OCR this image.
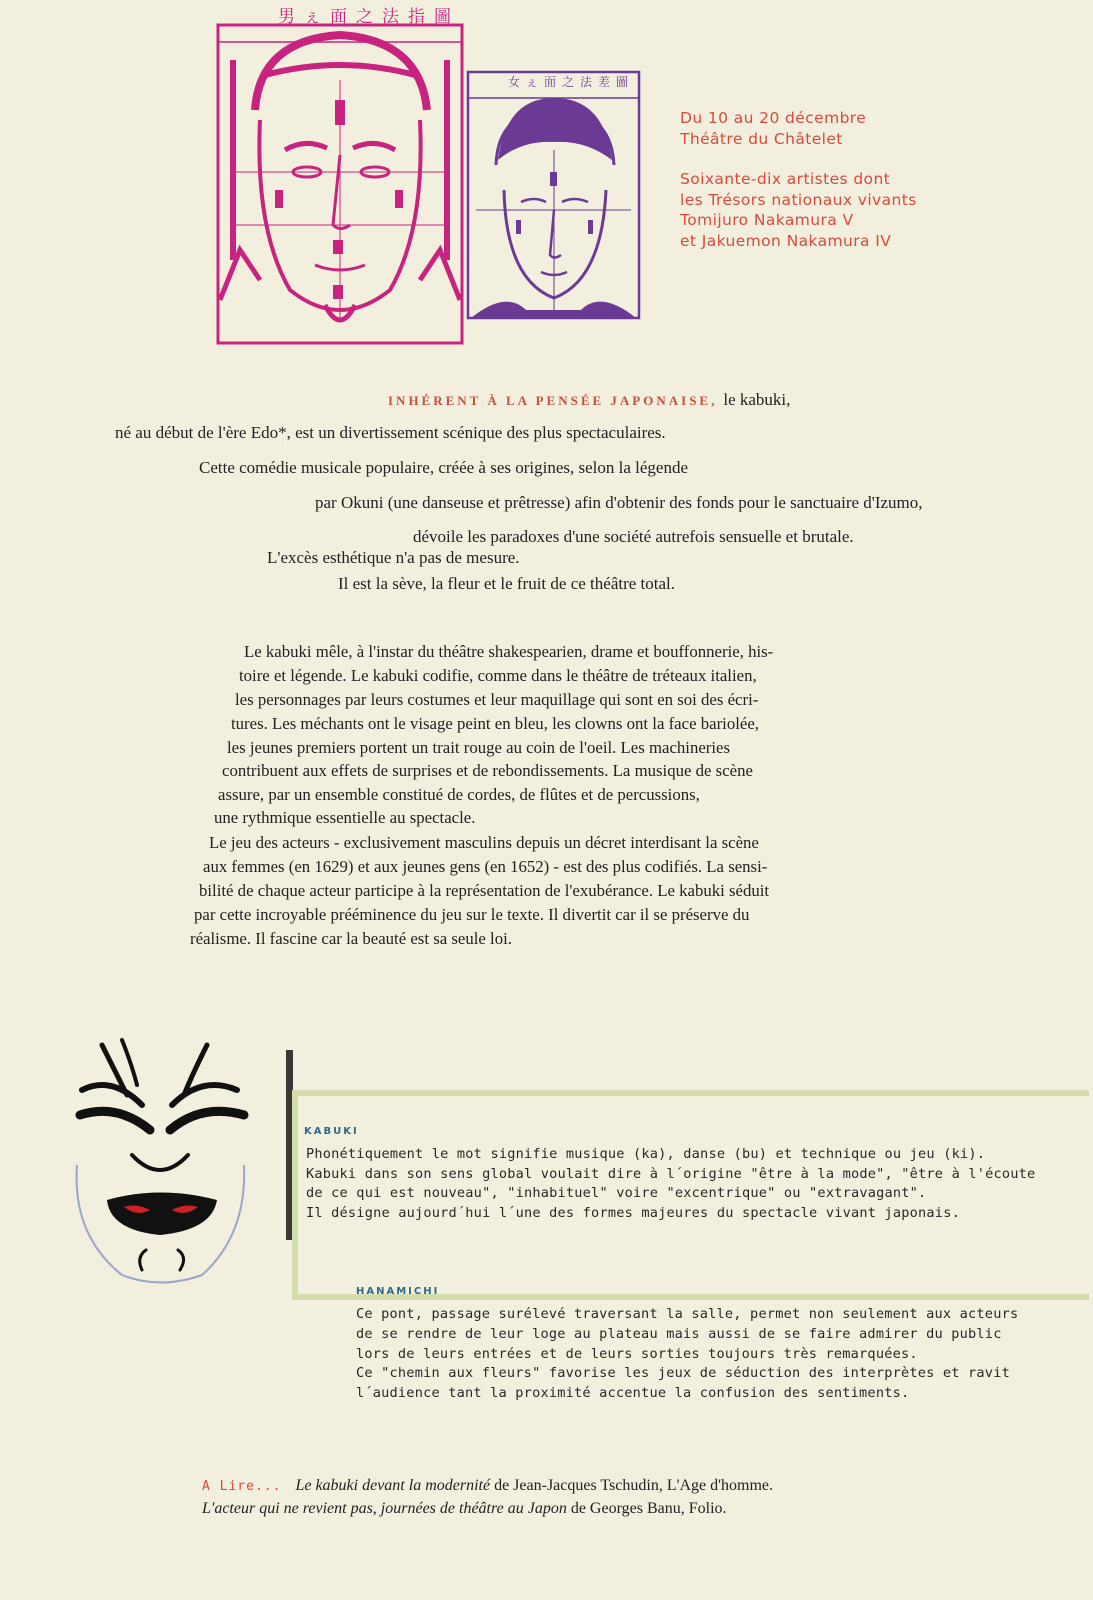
男ぇ面之法指圖
女ぇ面之法差圖

Du 10 au 20 décembre

Théâtre du Châtelet

Soixante-dix artistes dont

les Trésors nationaux vivants

Tomijuro Nakamura V

et Jakuemon Nakamura IV

INHÉRENT À LA PENSÉE JAPONAISE, le kabuki,
né au début de l'ère Edo*, est un divertissement scénique des plus spectaculaires.
Cette comédie musicale populaire, créée à ses origines, selon la légende
par Okuni (une danseuse et prêtresse) afin d'obtenir des fonds pour le sanctuaire d'Izumo,
dévoile les paradoxes d'une société autrefois sensuelle et brutale.
L'excès esthétique n'a pas de mesure.
Il est la sève, la fleur et le fruit de ce théâtre total.
Le kabuki mêle, à l'instar du théâtre shakespearien, drame et bouffonnerie, his-
toire et légende. Le kabuki codifie, comme dans le théâtre de tréteaux italien,
les personnages par leurs costumes et leur maquillage qui sont en soi des écri-
tures. Les méchants ont le visage peint en bleu, les clowns ont la face bariolée,
les jeunes premiers portent un trait rouge au coin de l'oeil. Les machineries
contribuent aux effets de surprises et de rebondissements. La musique de scène
assure, par un ensemble constitué de cordes, de flûtes et de percussions,
une rythmique essentielle au spectacle.
Le jeu des acteurs - exclusivement masculins depuis un décret interdisant la scène
aux femmes (en 1629) et aux jeunes gens (en 1652) - est des plus codifiés. La sensi-
bilité de chaque acteur participe à la représentation de l'exubérance. Le kabuki séduit
par cette incroyable prééminence du jeu sur le texte. Il divertit car il se préserve du
réalisme. Il fascine car la beauté est sa seule loi.
KABUKI
Phonétiquement le mot signifie musique (ka), danse (bu) et technique ou jeu (ki).
Kabuki dans son sens global voulait dire à l´origine "être à la mode", "être à l'écoute
de ce qui est nouveau", "inhabituel" voire "excentrique" ou "extravagant".
Il désigne aujourd´hui l´une des formes majeures du spectacle vivant japonais.
HANAMICHI
Ce pont, passage surélevé traversant la salle, permet non seulement aux acteurs
de se rendre de leur loge au plateau mais aussi de se faire admirer du public
lors de leurs entrées et de leurs sorties toujours très remarquées.
Ce "chemin aux fleurs" favorise les jeux de séduction des interprètes et ravit
l´audience tant la proximité accentue la confusion des sentiments.
A Lire... Le kabuki devant la modernité de Jean-Jacques Tschudin, L'Age d'homme.
L'acteur qui ne revient pas, journées de théâtre au Japon de Georges Banu, Folio.
